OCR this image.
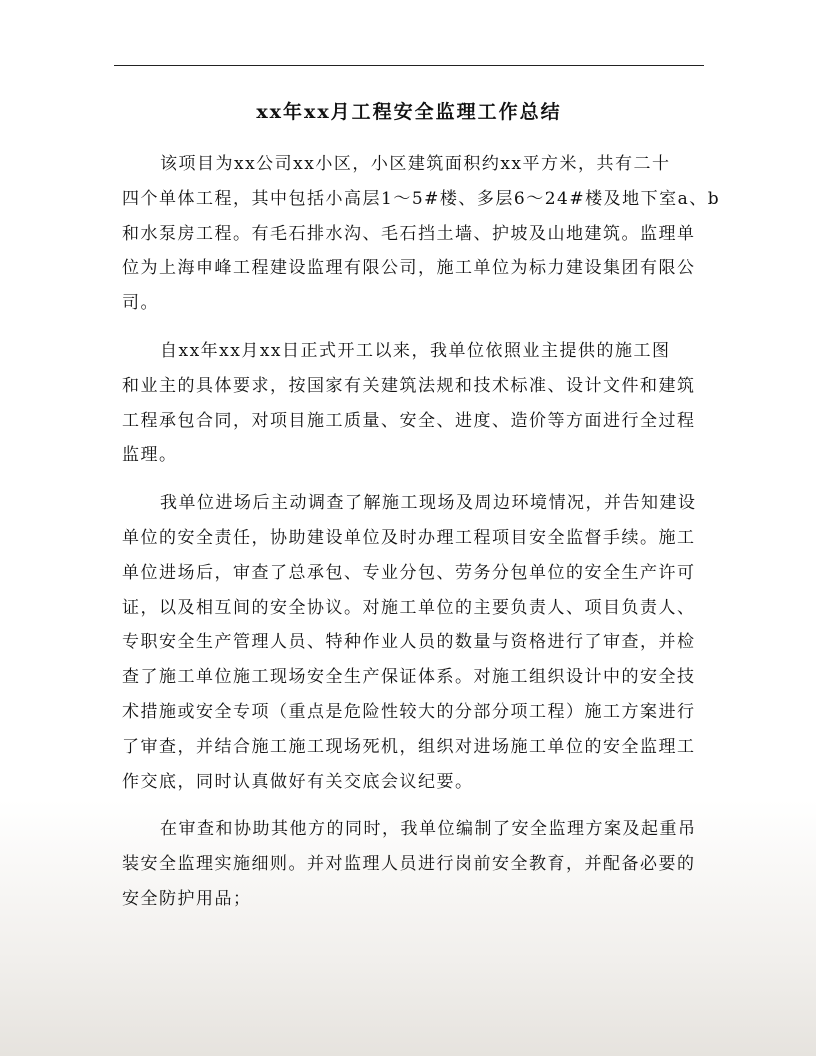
xx年xx月工程安全监理工作总结
该项目为xx公司xx小区，小区建筑面积约xx平方米，共有二十
四个单体工程，其中包括小高层1～5#楼、多层6～24#楼及地下室a、b
和水泵房工程。有毛石排水沟、毛石挡土墙、护坡及山地建筑。监理单
位为上海申峰工程建设监理有限公司，施工单位为标力建设集团有限公
司。
自xx年xx月xx日正式开工以来，我单位依照业主提供的施工图
和业主的具体要求，按国家有关建筑法规和技术标准、设计文件和建筑
工程承包合同，对项目施工质量、安全、进度、造价等方面进行全过程
监理。
我单位进场后主动调查了解施工现场及周边环境情况，并告知建设
单位的安全责任，协助建设单位及时办理工程项目安全监督手续。施工
单位进场后，审查了总承包、专业分包、劳务分包单位的安全生产许可
证，以及相互间的安全协议。对施工单位的主要负责人、项目负责人、
专职安全生产管理人员、特种作业人员的数量与资格进行了审查，并检
查了施工单位施工现场安全生产保证体系。对施工组织设计中的安全技
术措施或安全专项（重点是危险性较大的分部分项工程）施工方案进行
了审查，并结合施工施工现场死机，组织对进场施工单位的安全监理工
作交底，同时认真做好有关交底会议纪要。
在审查和协助其他方的同时，我单位编制了安全监理方案及起重吊
装安全监理实施细则。并对监理人员进行岗前安全教育，并配备必要的
安全防护用品；
